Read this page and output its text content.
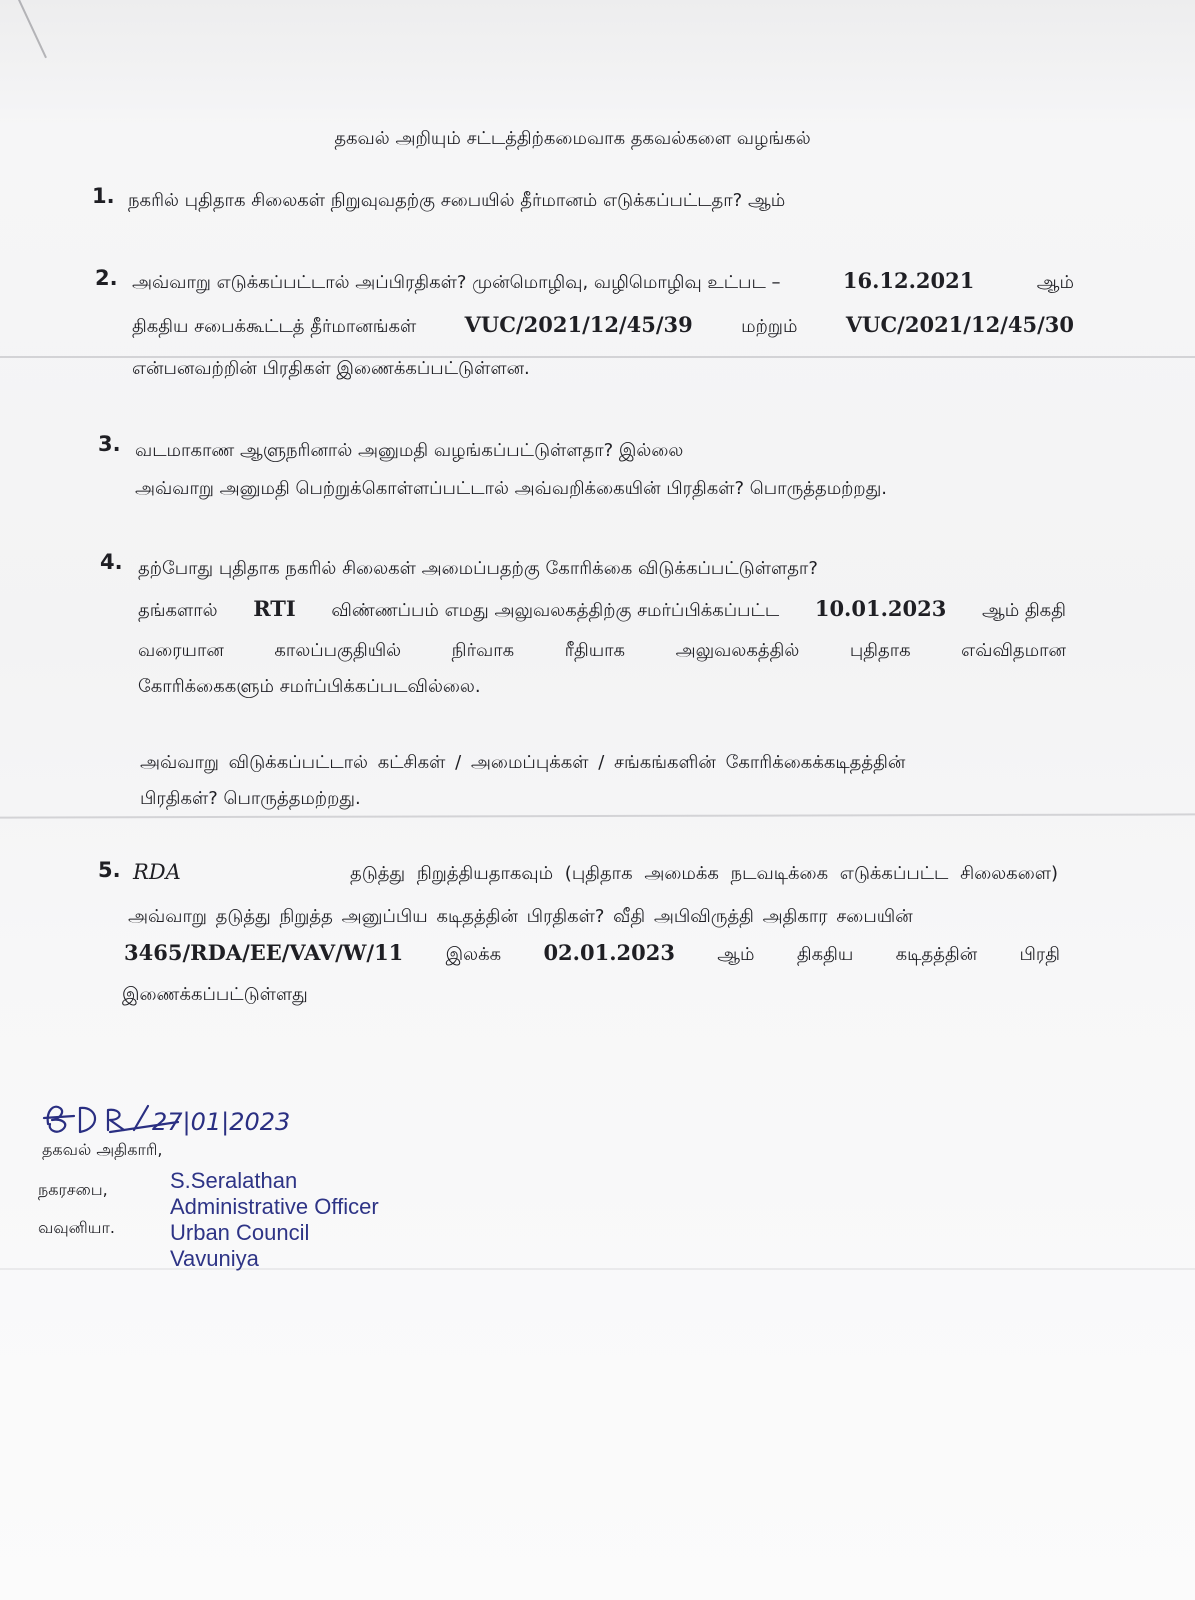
தகவல் அறியும் சட்டத்திற்கமைவாக தகவல்களை வழங்கல்
1. நகரில் புதிதாக சிலைகள் நிறுவுவதற்கு சபையில் தீர்மானம் எடுக்கப்பட்டதா? ஆம்
2. அவ்வாறு எடுக்கப்பட்டால் அப்பிரதிகள்? முன்மொழிவு, வழிமொழிவு உட்பட –	16.12.2021	ஆம்
திகதிய சபைக்கூட்டத் தீர்மானங்கள் VUC/2021/12/45/39	மற்றும் VUC/2021/12/45/30
என்பனவற்றின் பிரதிகள் இணைக்கப்பட்டுள்ளன.
3. வடமாகாண ஆளுநரினால் அனுமதி வழங்கப்பட்டுள்ளதா? இல்லை
அவ்வாறு அனுமதி பெற்றுக்கொள்ளப்பட்டால் அவ்வறிக்கையின் பிரதிகள்? பொருத்தமற்றது.
4. தற்போது புதிதாக நகரில் சிலைகள் அமைப்பதற்கு கோரிக்கை விடுக்கப்பட்டுள்ளதா?
தங்களால் RTI விண்ணப்பம் எமது அலுவலகத்திற்கு சமர்ப்பிக்கப்பட்ட 10.01.2023 ஆம் திகதி
வரையான	காலப்பகுதியில்	நிர்வாக	ரீதியாக	அலுவலகத்தில்	புதிதாக	எவ்விதமான
கோரிக்கைகளும் சமர்ப்பிக்கப்படவில்லை.
அவ்வாறு விடுக்கப்பட்டால் கட்சிகள் / அமைப்புக்கள் / சங்கங்களின் கோரிக்கைக்கடிதத்தின்
பிரதிகள்? பொருத்தமற்றது.
5. RDA	தடுத்து நிறுத்தியதாகவும் (புதிதாக அமைக்க நடவடிக்கை எடுக்கப்பட்ட சிலைகளை)
அவ்வாறு தடுத்து நிறுத்த அனுப்பிய கடிதத்தின் பிரதிகள்? வீதி அபிவிருத்தி அதிகார சபையின்
3465/RDA/EE/VAV/W/11 இலக்க 02.01.2023 ஆம் திகதிய கடிதத்தின் பிரதி
இணைக்கப்பட்டுள்ளது
27|01|2023
தகவல் அதிகாரி,
நகரசபை,
வவுனியா.
S.Seralathan
Administrative Officer
Urban Council
Vavuniya
